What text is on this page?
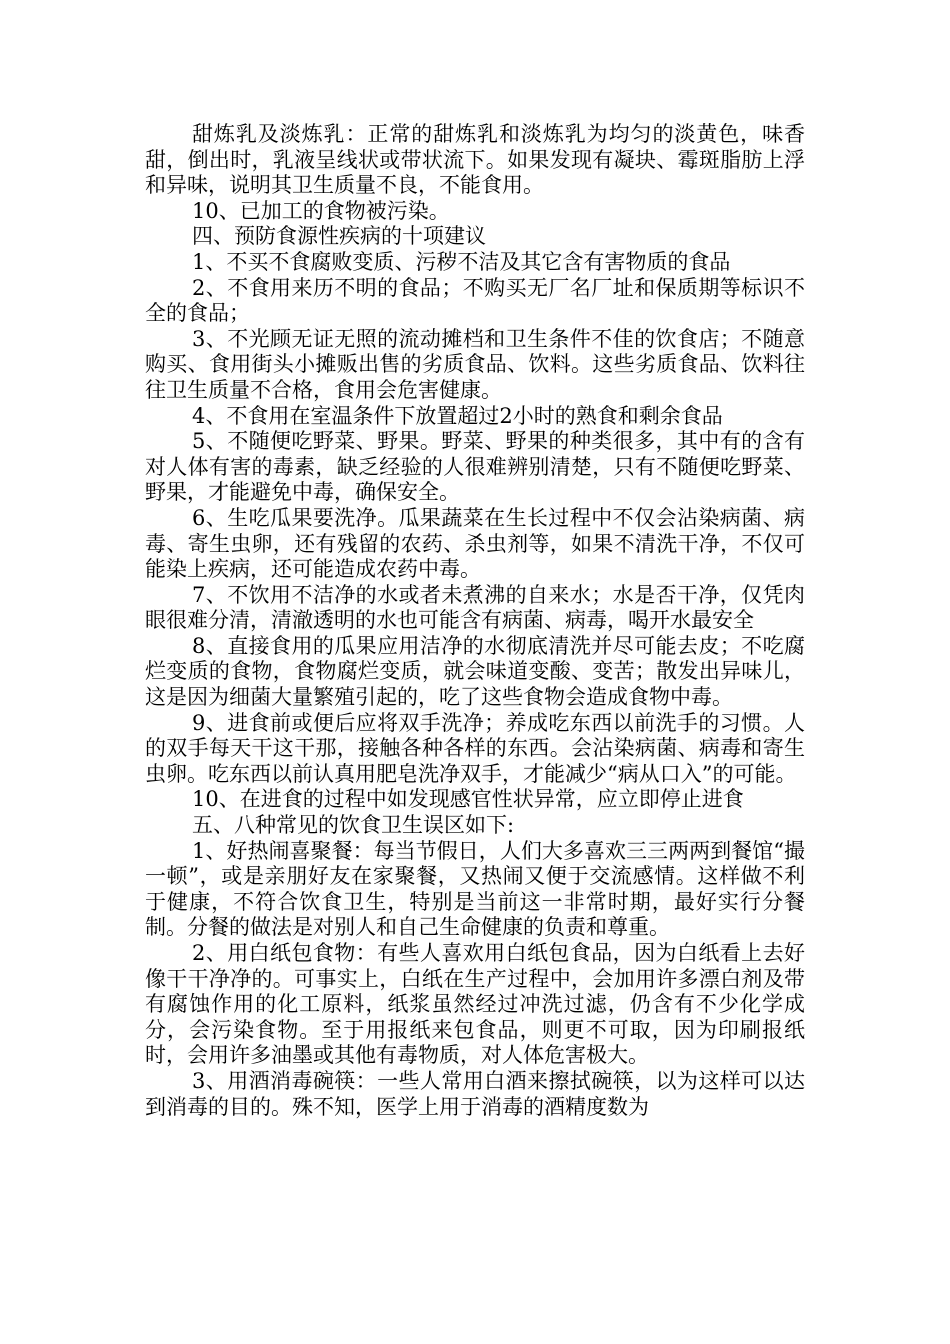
甜炼乳及淡炼乳：正常的甜炼乳和淡炼乳为均匀的淡黄色，味香甜，倒出时，乳液呈线状或带状流下。如果发现有凝块、霉斑脂肪上浮和异味，说明其卫生质量不良，不能食用。

10、已加工的食物被污染。

四、预防食源性疾病的十项建议

1、不买不食腐败变质、污秽不洁及其它含有害物质的食品

2、不食用来历不明的食品；不购买无厂名厂址和保质期等标识不全的食品；

3、不光顾无证无照的流动摊档和卫生条件不佳的饮食店；不随意购买、食用街头小摊贩出售的劣质食品、饮料。这些劣质食品、饮料往往卫生质量不合格，食用会危害健康。

4、不食用在室温条件下放置超过2小时的熟食和剩余食品

5、不随便吃野菜、野果。野菜、野果的种类很多，其中有的含有对人体有害的毒素，缺乏经验的人很难辨别清楚，只有不随便吃野菜、野果，才能避免中毒，确保安全。

6、生吃瓜果要洗净。瓜果蔬菜在生长过程中不仅会沾染病菌、病毒、寄生虫卵，还有残留的农药、杀虫剂等，如果不清洗干净，不仅可能染上疾病，还可能造成农药中毒。

7、不饮用不洁净的水或者未煮沸的自来水；水是否干净，仅凭肉眼很难分清，清澈透明的水也可能含有病菌、病毒，喝开水最安全

8、直接食用的瓜果应用洁净的水彻底清洗并尽可能去皮；不吃腐烂变质的食物，食物腐烂变质，就会味道变酸、变苦；散发出异味儿，这是因为细菌大量繁殖引起的，吃了这些食物会造成食物中毒。

9、进食前或便后应将双手洗净；养成吃东西以前洗手的习惯。人的双手每天干这干那，接触各种各样的东西。会沾染病菌、病毒和寄生虫卵。吃东西以前认真用肥皂洗净双手，才能减少“病从口入”的可能。

10、在进食的过程中如发现感官性状异常，应立即停止进食

五、八种常见的饮食卫生误区如下:

1、好热闹喜聚餐：每当节假日，人们大多喜欢三三两两到餐馆“撮一顿”，或是亲朋好友在家聚餐，又热闹又便于交流感情。这样做不利于健康，不符合饮食卫生，特别是当前这一非常时期，最好实行分餐制。分餐的做法是对别人和自己生命健康的负责和尊重。

2、用白纸包食物：有些人喜欢用白纸包食品，因为白纸看上去好像干干净净的。可事实上，白纸在生产过程中，会加用许多漂白剂及带有腐蚀作用的化工原料，纸浆虽然经过冲洗过滤，仍含有不少化学成分，会污染食物。至于用报纸来包食品，则更不可取，因为印刷报纸时，会用许多油墨或其他有毒物质，对人体危害极大。

3、用酒消毒碗筷：一些人常用白酒来擦拭碗筷，以为这样可以达到消毒的目的。殊不知，医学上用于消毒的酒精度数为
